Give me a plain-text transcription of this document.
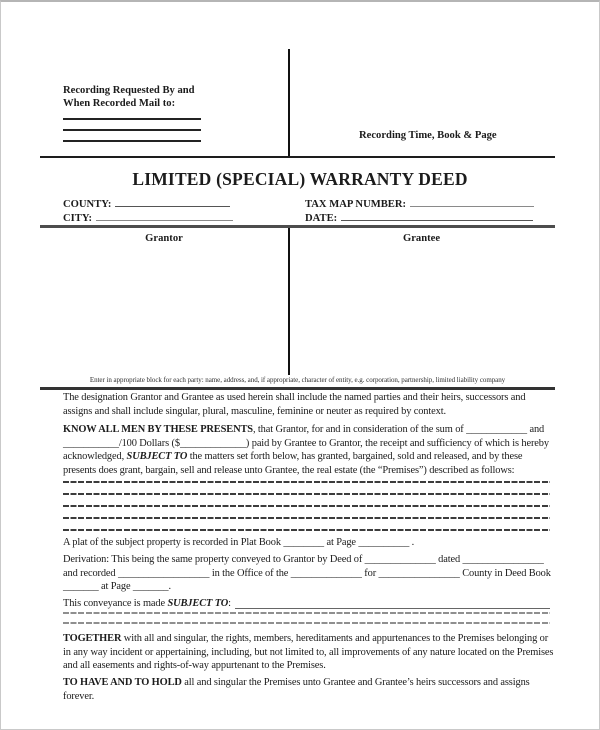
Recording Requested By and
When Recorded Mail to:
Recording Time, Book & Page
LIMITED (SPECIAL) WARRANTY DEED
COUNTY:	TAX MAP NUMBER:
CITY:	DATE:
Grantor	Grantee
Enter in appropriate block for each party: name, address, and, if appropriate, character of entity, e.g. corporation, partnership, limited liability company
The designation Grantor and Grantee as used herein shall include the named parties and their heirs, successors and assigns and shall include singular, plural, masculine, feminine or neuter as required by context.
KNOW ALL MEN BY THESE PRESENTS, that Grantor, for and in consideration of the sum of ____________ and ___________/100 Dollars ($_____________) paid by Grantee to Grantor, the receipt and sufficiency of which is hereby acknowledged, SUBJECT TO the matters set forth below, has granted, bargained, sold and released, and by these presents does grant, bargain, sell and release unto Grantee, the real estate (the “Premises”) described as follows:
A plat of the subject property is recorded in Plat Book ________ at Page __________ .
Derivation: This being the same property conveyed to Grantor by Deed of ______________ dated ________________ and recorded __________________ in the Office of the ______________ for ________________ County in Deed Book _______ at Page _______.
This conveyance is made SUBJECT TO:
TOGETHER with all and singular, the rights, members, hereditaments and appurtenances to the Premises belonging or in any way incident or appertaining, including, but not limited to, all improvements of any nature located on the Premises and all easements and rights-of-way appurtenant to the Premises.
TO HAVE AND TO HOLD all and singular the Premises unto Grantee and Grantee’s heirs successors and assigns forever.
